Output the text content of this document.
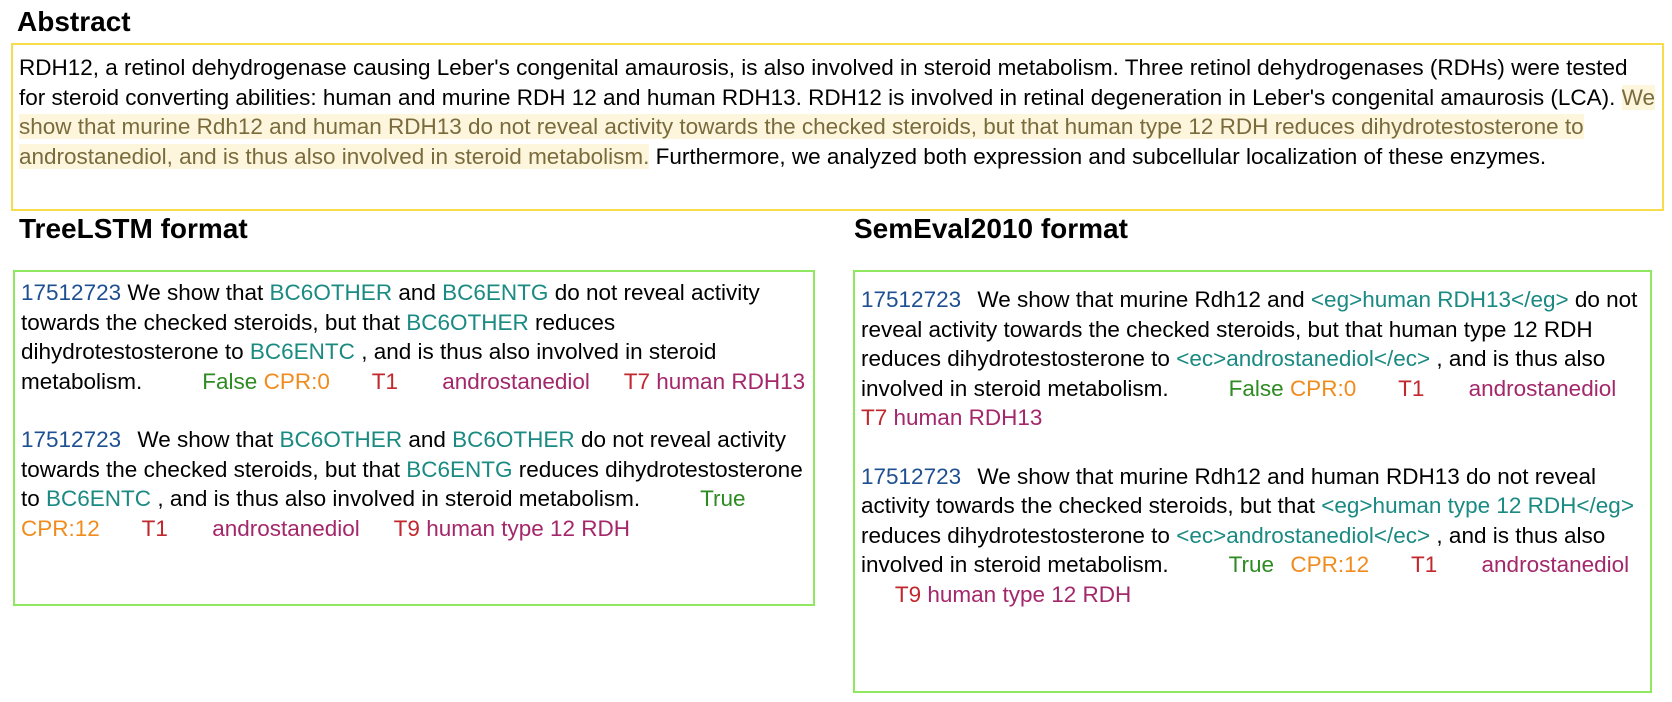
Abstract
RDH12, a retinol dehydrogenase causing Leber's congenital amaurosis, is also involved in steroid metabolism. Three retinol dehydrogenases (RDHs) were tested for steroid converting abilities: human and murine RDH 12 and human RDH13. RDH12 is involved in retinal degeneration in Leber's congenital amaurosis (LCA). We show that murine Rdh12 and human RDH13 do not reveal activity towards the checked steroids, but that human type 12 RDH reduces dihydrotestosterone to androstanediol, and is thus also involved in steroid metabolism. Furthermore, we analyzed both expression and subcellular localization of these enzymes.
TreeLSTM format
17512723 We show that BC6OTHER and BC6ENTG do not reveal activity towards the checked steroids, but that BC6OTHER reduces dihydrotestosterone to BC6ENTC , and is thus also involved in steroid metabolism.	False CPR:0 T1 androstanediol T7 human RDH13
17512723 We show that BC6OTHER and BC6OTHER do not reveal activity towards the checked steroids, but that BC6ENTG reduces dihydrotestosterone to BC6ENTC , and is thus also involved in steroid metabolism.	True CPR:12 T1 androstanediol T9 human type 12 RDH
SemEval2010 format
17512723 We show that murine Rdh12 and <eg>human RDH13</eg> do not reveal activity towards the checked steroids, but that human type 12 RDH reduces dihydrotestosterone to <ec>androstanediol</ec> , and is thus also involved in steroid metabolism.	False CPR:0 T1 androstanediol T7 human RDH13
17512723 We show that murine Rdh12 and human RDH13 do not reveal activity towards the checked steroids, but that <eg>human type 12 RDH</eg> reduces dihydrotestosterone to <ec>androstanediol</ec> , and is thus also involved in steroid metabolism.	True CPR:12 T1 androstanediol T9 human type 12 RDH
